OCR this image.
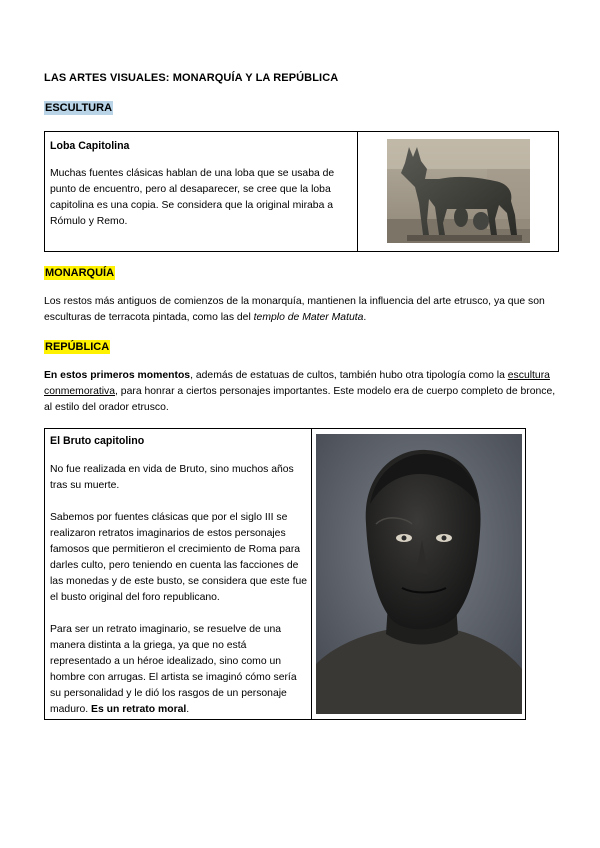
LAS ARTES VISUALES: MONARQUÍA Y LA REPÚBLICA
ESCULTURA
Loba Capitolina
Muchas fuentes clásicas hablan de una loba que se usaba de punto de encuentro, pero al desaparecer, se cree que la loba capitolina es una copia. Se considera que la original miraba a Rómulo y Remo.
MONARQUÍA
Los restos más antiguos de comienzos de la monarquía, mantienen la influencia del arte etrusco, ya que son esculturas de terracota pintada, como las del templo de Mater Matuta.
REPÚBLICA
En estos primeros momentos, además de estatuas de cultos, también hubo otra tipología como la escultura conmemorativa, para honrar a ciertos personajes importantes. Este modelo era de cuerpo completo de bronce, al estilo del orador etrusco.
El Bruto capitolino

No fue realizada en vida de Bruto, sino muchos años tras su muerte.

Sabemos por fuentes clásicas que por el siglo III se realizaron retratos imaginarios de estos personajes famosos que permitieron el crecimiento de Roma para darles culto, pero teniendo en cuenta las facciones de las monedas y de este busto, se considera que este fue el busto original del foro republicano.

Para ser un retrato imaginario, se resuelve de una manera distinta a la griega, ya que no está representado a un héroe idealizado, sino como un hombre con arrugas. El artista se imaginó cómo sería su personalidad y le dió los rasgos de un personaje maduro. Es un retrato moral.
